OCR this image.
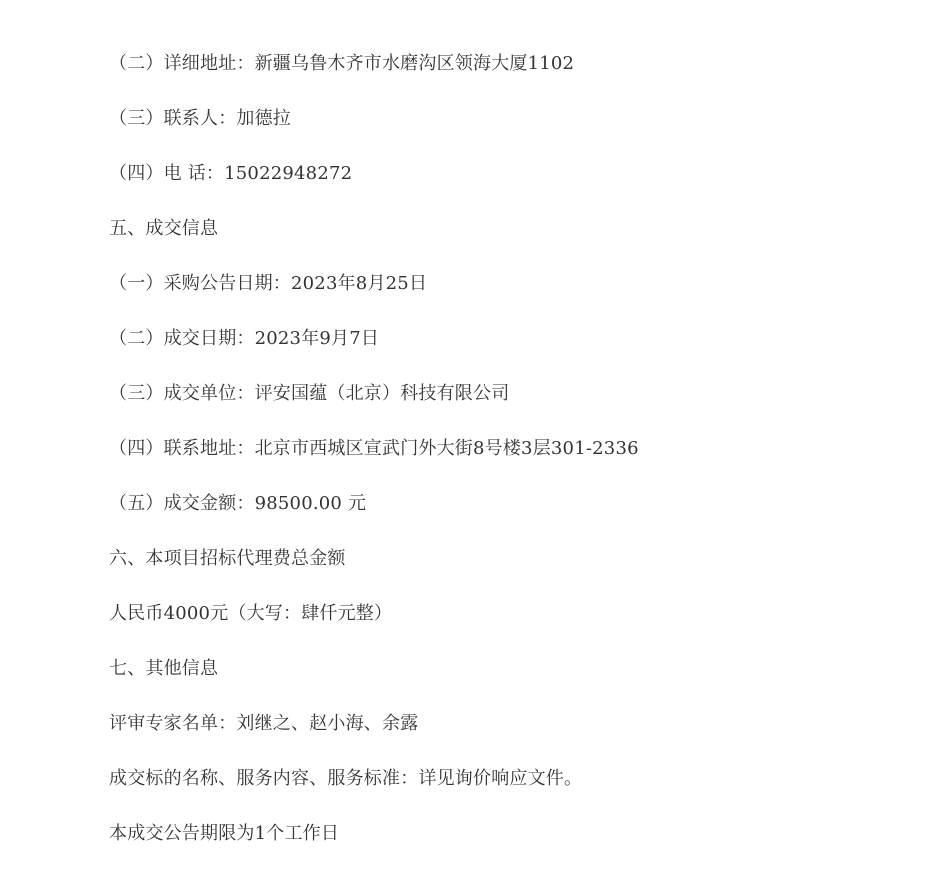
（二）详细地址：新疆乌鲁木齐市水磨沟区领海大厦1102
（三）联系人：加德拉
（四）电 话：15022948272
五、成交信息
（一）采购公告日期：2023年8月25日
（二）成交日期：2023年9月7日
（三）成交单位：评安国蕴（北京）科技有限公司
（四）联系地址：北京市西城区宣武门外大街8号楼3层301-2336
（五）成交金额：98500.00 元
六、本项目招标代理费总金额
人民币4000元（大写：肆仟元整）
七、其他信息
评审专家名单：刘继之、赵小海、余露
成交标的名称、服务内容、服务标准：详见询价响应文件。
本成交公告期限为1个工作日
